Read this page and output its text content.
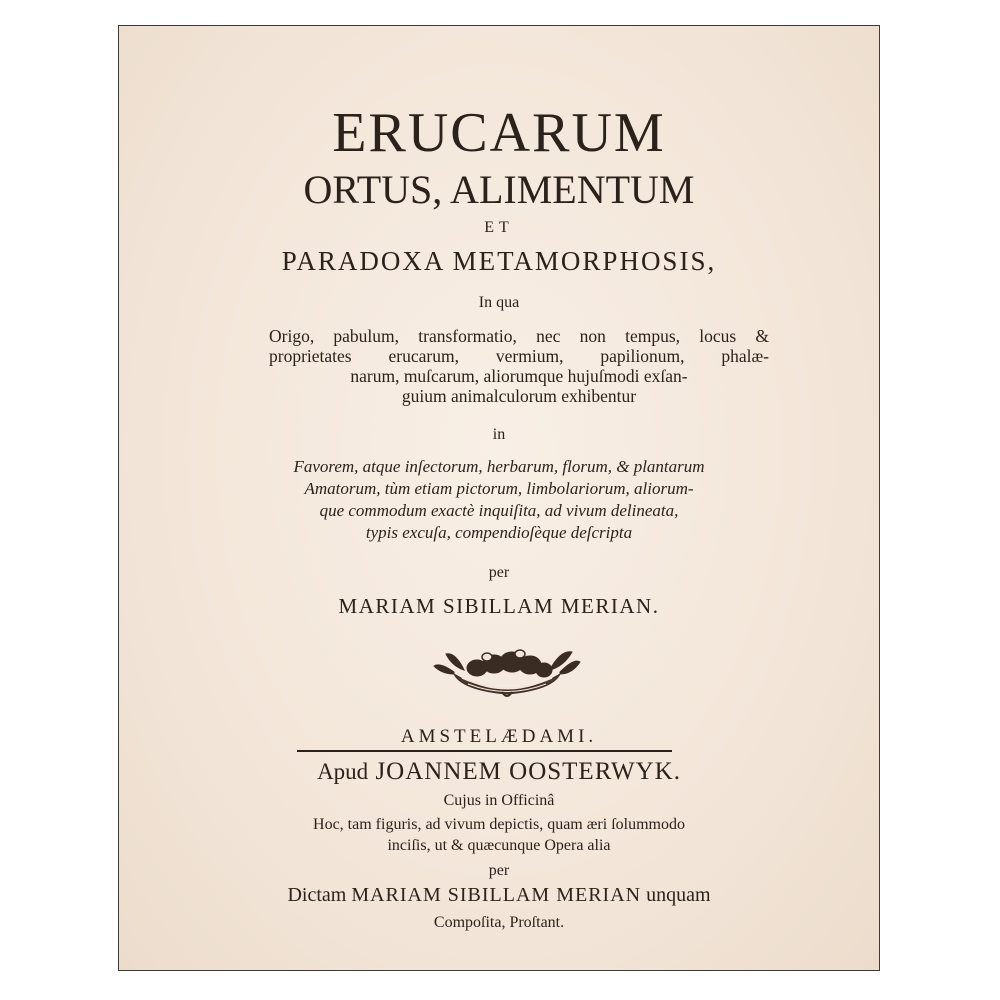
ERUCARUM
ORTUS, ALIMENTUM
ET
PARADOXA METAMORPHOSIS,
In qua
Origo, pabulum, transformatio, nec non tempus, locus &
proprietates erucarum, vermium, papilionum, phalæ-
narum, muſcarum, aliorumque hujuſmodi exſan-
guium animalculorum exhibentur
in
Favorem, atque inſectorum, herbarum, florum, & plantarum
Amatorum, tùm etiam pictorum, limbolariorum, aliorum-
que commodum exactè inquiſita, ad vivum delineata,
typis excuſa, compendioſèque deſcripta
per
MARIAM SIBILLAM MERIAN.
AMSTELÆDAMI.
Apud JOANNEM OOSTERWYK.
Cujus in Officinâ
Hoc, tam figuris, ad vivum depictis, quam æri ſolummodo
inciſis, ut & quæcunque Opera alia
per
Dictam MARIAM SIBILLAM MERIAN unquam
Compoſita, Proſtant.
